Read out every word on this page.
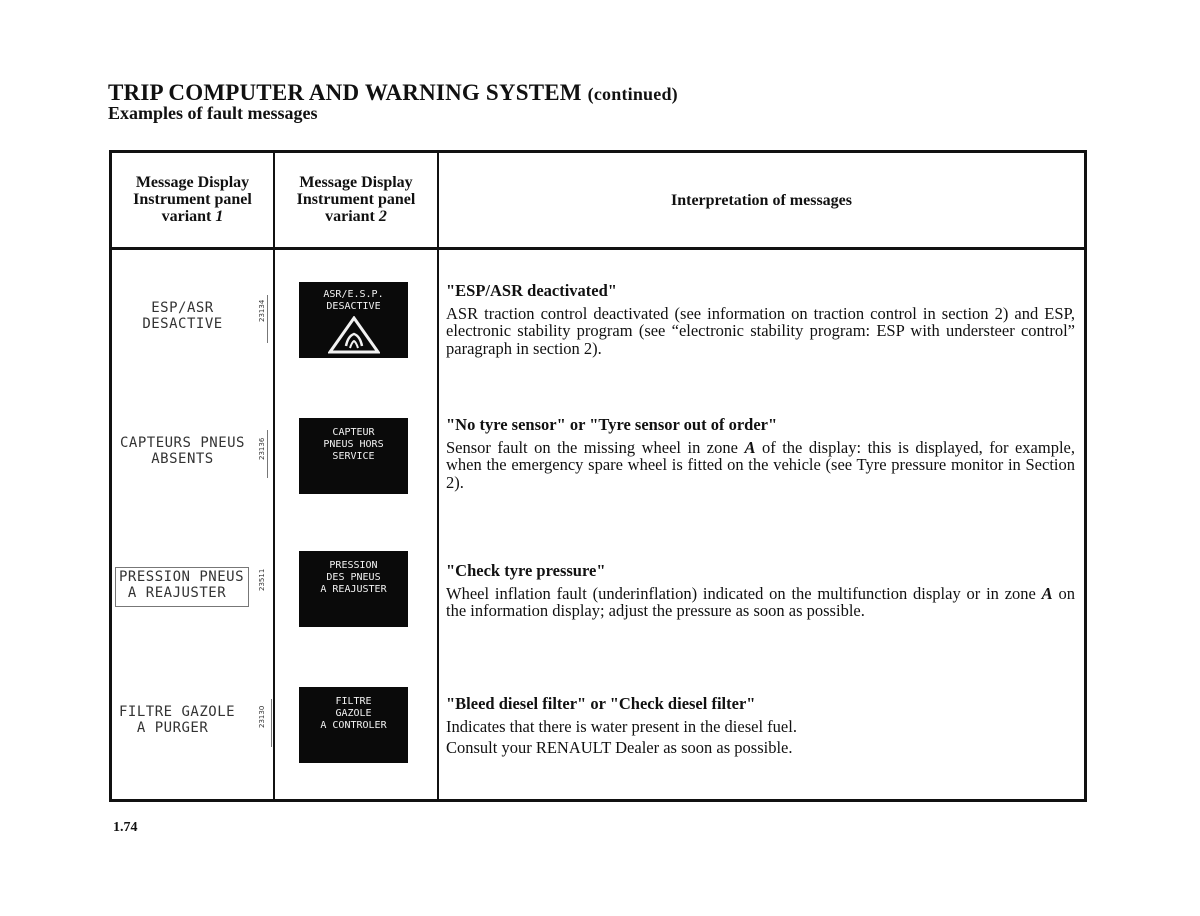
TRIP COMPUTER AND WARNING SYSTEM (continued)
Examples of fault messages
Message Display
Instrument panel
variant 1
Message Display
Instrument panel
variant 2
Interpretation of messages
ESP/ASR
DESACTIVE
23134
ASR/E.S.P.
DESACTIVE
"ESP/ASR deactivated"

ASR traction control deactivated (see information on traction control in section 2) and ESP, electronic stability program (see “electronic stability program: ESP with understeer control” paragraph in section 2).

CAPTEURS PNEUS
ABSENTS	23136
CAPTEUR
PNEUS HORS
SERVICE
"No tyre sensor" or "Tyre sensor out of order"

Sensor fault on the missing wheel in zone A of the display: this is displayed, for example, when the emergency spare wheel is fitted on the vehicle (see Tyre pressure monitor in Section 2).

PRESSION PNEUS
A REAJUSTER
23511
PRESSION
DES PNEUS
A REAJUSTER
"Check tyre pressure"

Wheel inflation fault (underinflation) indicated on the multifunction display or in zone A on the information display; adjust the pressure as soon as possible.

FILTRE GAZOLE
A PURGER	23130
FILTRE
GAZOLE
A CONTROLER
"Bleed diesel filter" or "Check diesel filter"

Indicates that there is water present in the diesel fuel.

Consult your RENAULT Dealer as soon as possible.

1.74
